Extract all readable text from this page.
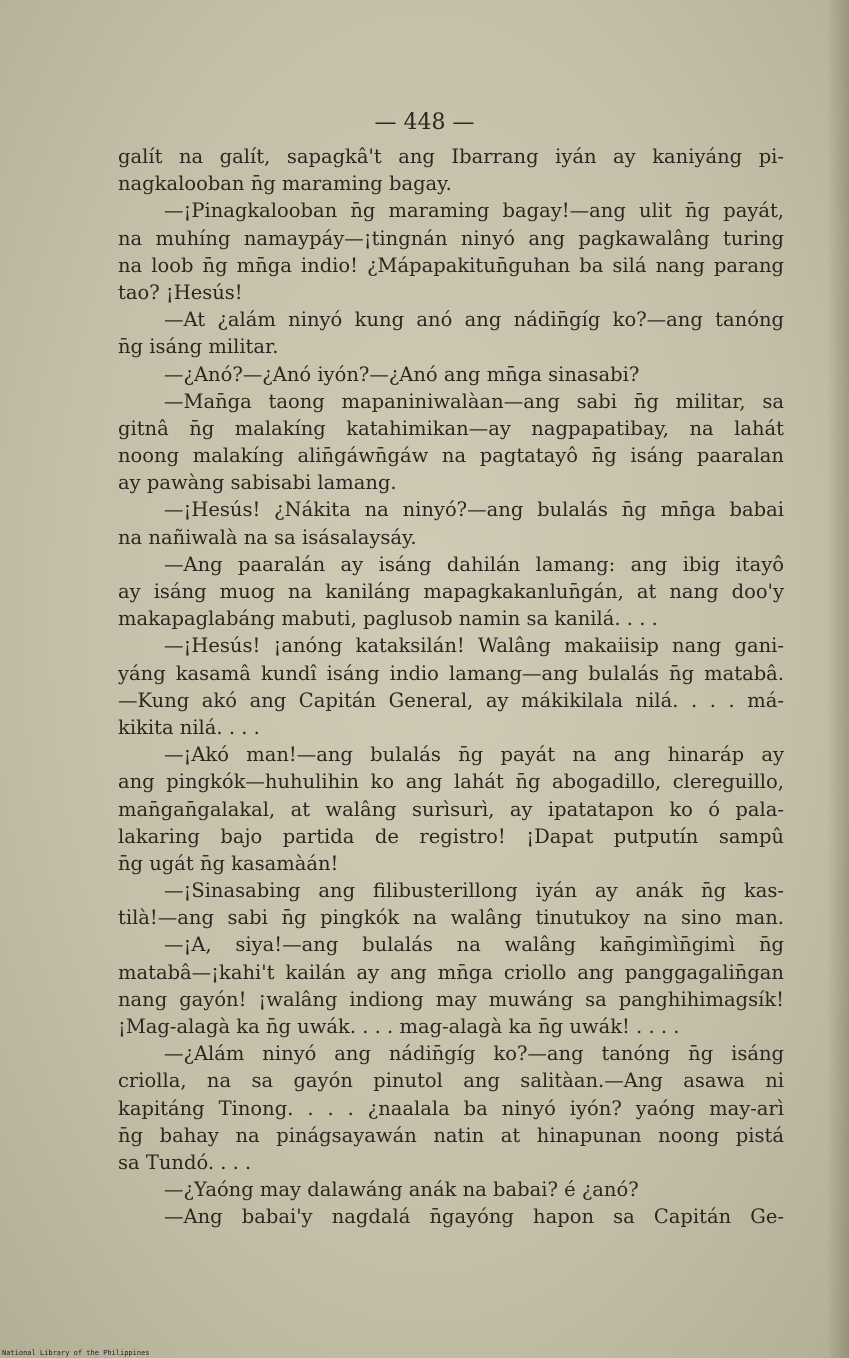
— 448 —
galít na galít, sapagkâ't ang Ibarrang iyán ay kaniyáng pi-
nagkalooban n̄g maraming bagay.
—¡Pinagkalooban n̄g maraming bagay!—ang ulit n̄g payát,
na muhíng namaypáy—¡tingnán ninyó ang pagkawalâng turing
na loob n̄g mn̄ga indio! ¿Mápapakitun̄guhan ba silá nang parang
tao? ¡Hesús!
—At ¿alám ninyó kung anó ang nádin̄gíg ko?—ang tanóng
n̄g isáng militar.
—¿Anó?—¿Anó iyón?—¿Anó ang mn̄ga sinasabi?
—Man̄ga taong mapaniniwalàan—ang sabi n̄g militar, sa
gitnâ n̄g malakíng katahimikan—ay nagpapatibay, na lahát
noong malakíng alin̄gáwn̄gáw na pagtatayô n̄g isáng paaralan
ay pawàng sabisabi lamang.
—¡Hesús! ¿Nákita na ninyó?—ang bulalás n̄g mn̄ga babai
na nañiwalà na sa isásalaysáy.
—Ang paaralán ay isáng dahilán lamang: ang ibig itayô
ay isáng muog na kaniláng mapagkakanlun̄gán, at nang doo'y
makapaglabáng mabuti, paglusob namin sa kanilá. . . .
—¡Hesús! ¡anóng kataksilán! Walâng makaiisip nang gani-
yáng kasamâ kundî isáng indio lamang—ang bulalás n̄g matabâ.
—Kung akó ang Capitán General, ay mákikilala nilá. . . . má-
kikita nilá. . . .
—¡Akó man!—ang bulalás n̄g payát na ang hinaráp ay
ang pingkók—huhulihin ko ang lahát n̄g abogadillo, clereguillo,
man̄gan̄galakal, at walâng surìsurì, ay ipatatapon ko ó pala-
lakaring bajo partida de registro! ¡Dapat putputín sampû
n̄g ugát n̄g kasamàán!
—¡Sinasabing ang filibusterillong iyán ay anák n̄g kas-
tilà!—ang sabi n̄g pingkók na walâng tinutukoy na sino man.
—¡A, siya!—ang bulalás na walâng kan̄gimìn̄gimì n̄g
matabâ—¡kahi't kailán ay ang mn̄ga criollo ang panggagalin̄gan
nang gayón! ¡walâng indiong may muwáng sa panghihimagsík!
¡Mag-alagà ka n̄g uwák. . . . mag-alagà ka n̄g uwák! . . . .
—¿Alám ninyó ang nádin̄gíg ko?—ang tanóng n̄g isáng
criolla, na sa gayón pinutol ang salitàan.—Ang asawa ni
kapitáng Tinong. . . . ¿naalala ba ninyó iyón? yaóng may-arì
n̄g bahay na pinágsayawán natin at hinapunan noong pistá
sa Tundó. . . .
—¿Yaóng may dalawáng anák na babai? é ¿anó?
—Ang babai'y nagdalá n̄gayóng hapon sa Capitán Ge-
National Library of the Philippines
